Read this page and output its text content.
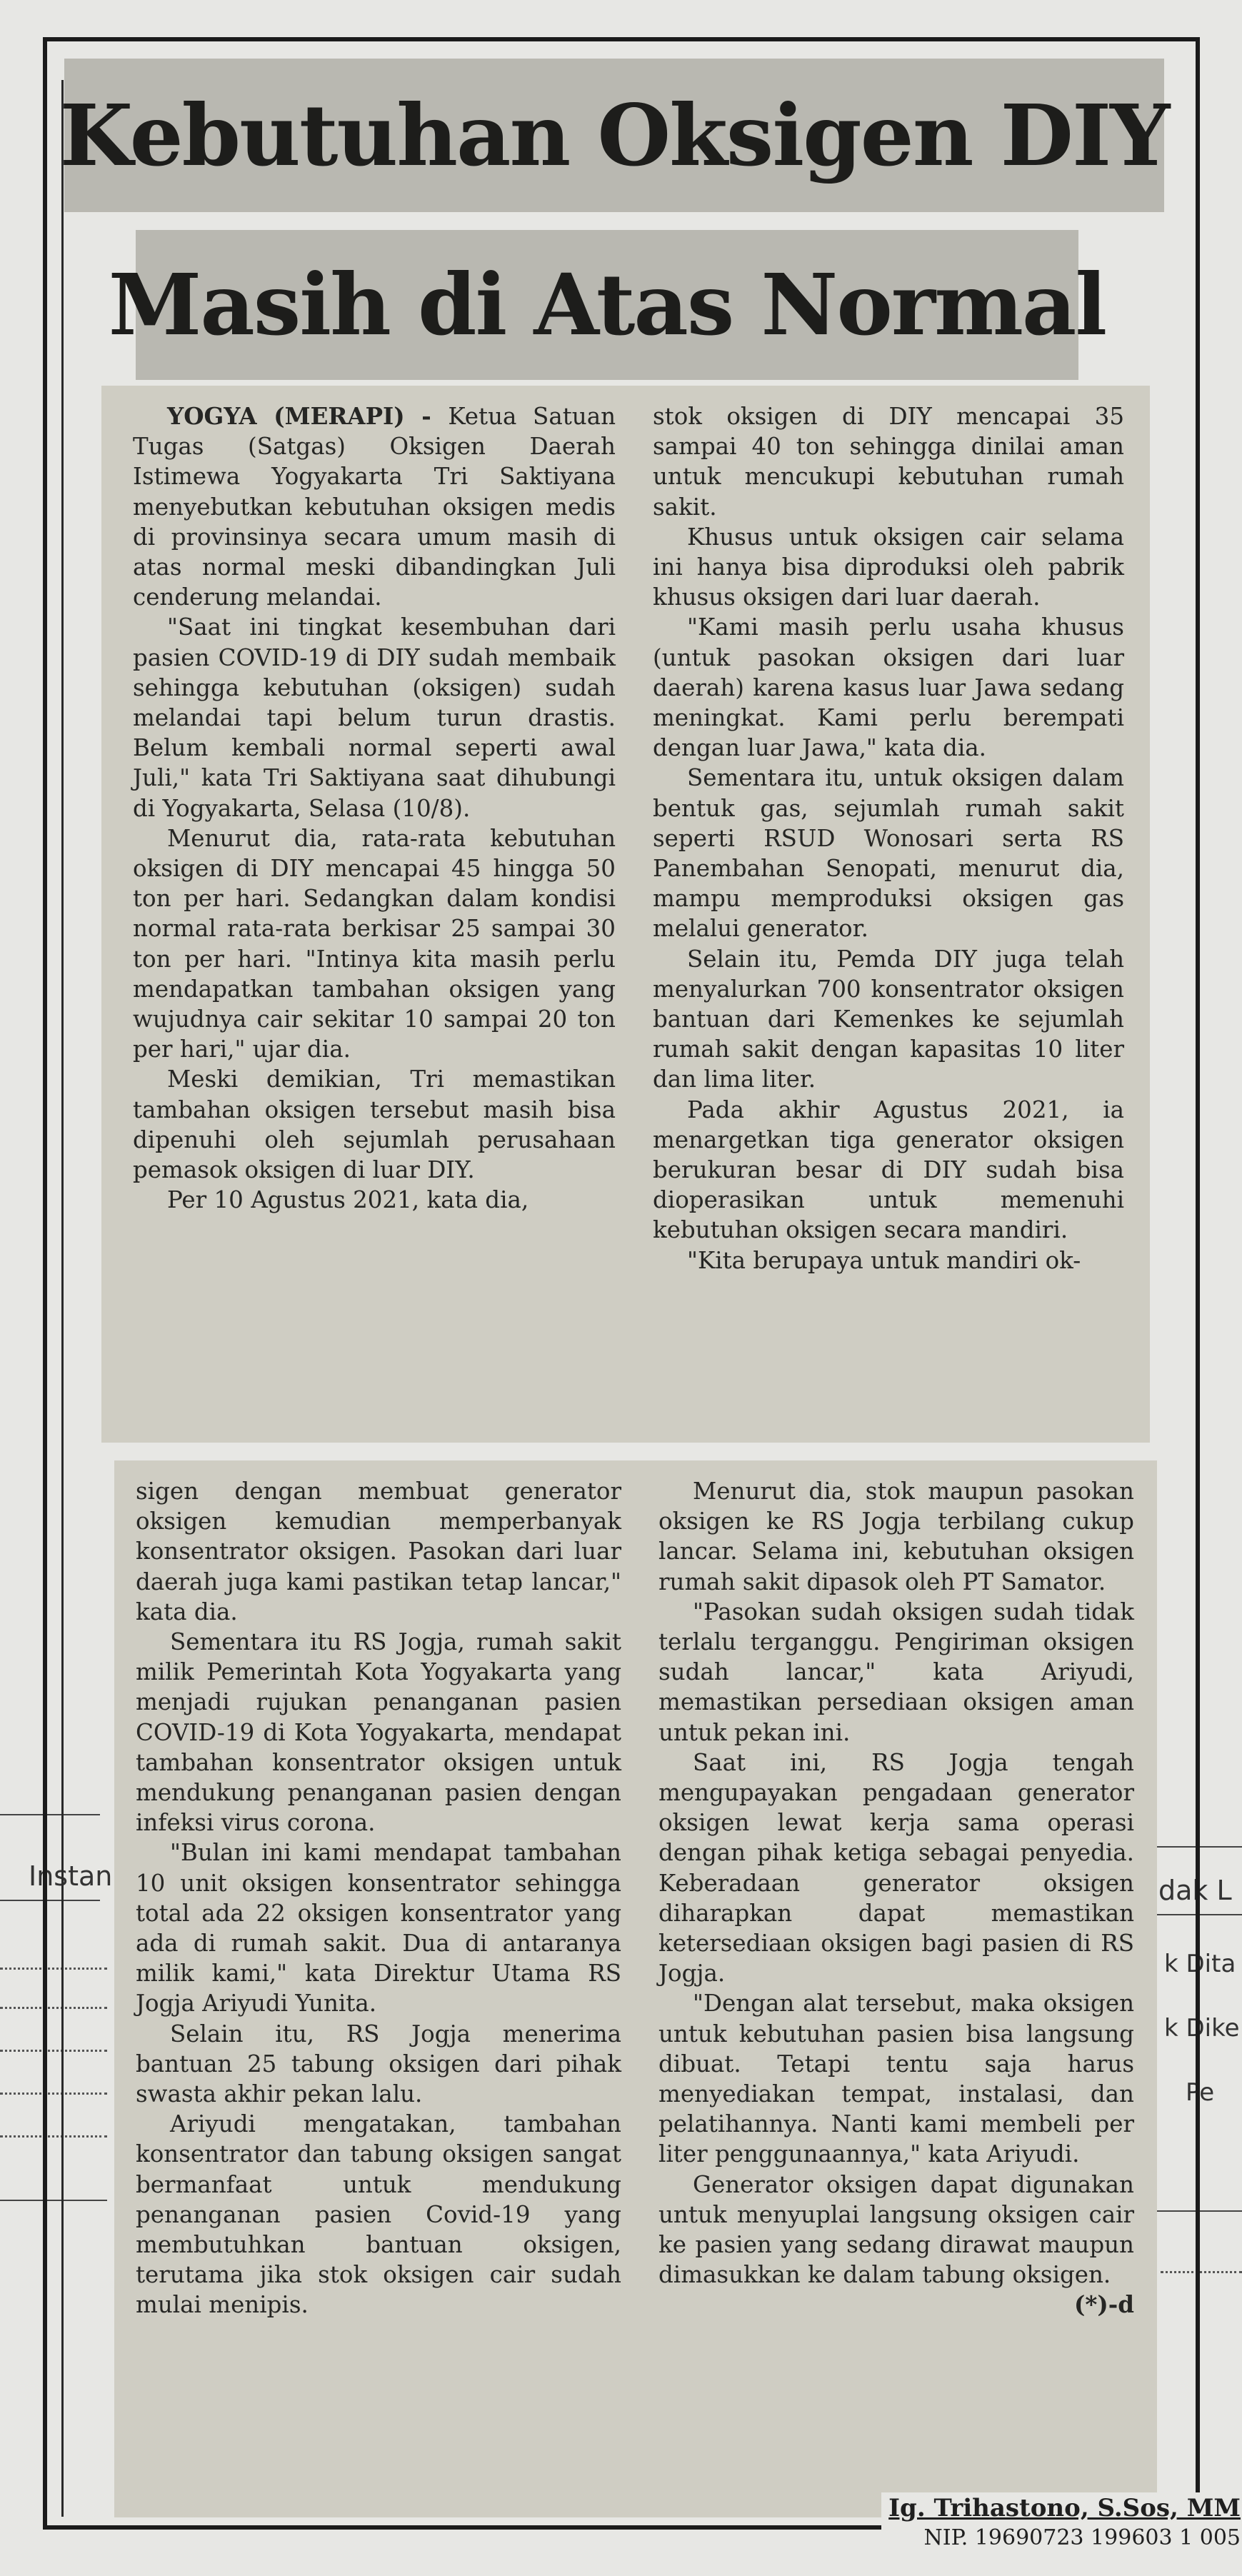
Instan	dak L
k Dita
k Dike
Pe
Kebutuhan Oksigen DIY
Masih di Atas Normal

YOGYA (MERAPI) - Ketua Satuan Tugas (Satgas) Oksigen Daerah Istimewa Yogyakarta Tri Saktiyana menyebutkan kebutuhan oksigen medis di provinsinya secara umum masih di atas normal meski dibandingkan Juli cenderung melandai.

"Saat ini tingkat kesembuhan dari pasien COVID-19 di DIY sudah membaik sehingga kebutuhan (oksigen) sudah melandai tapi belum turun drastis. Belum kembali normal seperti awal Juli," kata Tri Saktiyana saat dihubungi di Yogyakarta, Selasa (10/8).

Menurut dia, rata-rata kebutuhan oksigen di DIY mencapai 45 hingga 50 ton per hari. Sedangkan dalam kondisi normal rata-rata berkisar 25 sampai 30 ton per hari. "Intinya kita masih perlu mendapatkan tambahan oksigen yang wujudnya cair sekitar 10 sampai 20 ton per hari," ujar dia.

Meski demikian, Tri memastikan tambahan oksigen tersebut masih bisa dipenuhi oleh sejumlah perusahaan pemasok oksigen di luar DIY.

Per 10 Agustus 2021, kata dia,

stok oksigen di DIY mencapai 35 sampai 40 ton sehingga dinilai aman untuk mencukupi kebutuhan rumah sakit.

Khusus untuk oksigen cair selama ini hanya bisa diproduksi oleh pabrik khusus oksigen dari luar daerah.

"Kami masih perlu usaha khusus (untuk pasokan oksigen dari luar daerah) karena kasus luar Jawa sedang meningkat. Kami perlu berempati dengan luar Jawa," kata dia.

Sementara itu, untuk oksigen dalam bentuk gas, sejumlah rumah sakit seperti RSUD Wonosari serta RS Panembahan Senopati, menurut dia, mampu memproduksi oksigen gas melalui generator.

Selain itu, Pemda DIY juga telah menyalurkan 700 konsentrator oksigen bantuan dari Kemenkes ke sejumlah rumah sakit dengan kapasitas 10 liter dan lima liter.

Pada akhir Agustus 2021, ia menargetkan tiga generator oksigen berukuran besar di DIY sudah bisa dioperasikan untuk memenuhi kebutuhan oksigen secara mandiri.

"Kita berupaya untuk mandiri ok-

sigen dengan membuat generator oksigen kemudian memperbanyak konsentrator oksigen. Pasokan dari luar daerah juga kami pastikan tetap lancar," kata dia.

Sementara itu RS Jogja, rumah sakit milik Pemerintah Kota Yogyakarta yang menjadi rujukan penanganan pasien COVID-19 di Kota Yogyakarta, mendapat tambahan konsentrator oksigen untuk mendukung penanganan pasien dengan infeksi virus corona.

"Bulan ini kami mendapat tambahan 10 unit oksigen konsentrator sehingga total ada 22 oksigen konsentrator yang ada di rumah sakit. Dua di antaranya milik kami," kata Direktur Utama RS Jogja Ariyudi Yunita.

Selain itu, RS Jogja menerima bantuan 25 tabung oksigen dari pihak swasta akhir pekan lalu.

Ariyudi mengatakan, tambahan konsentrator dan tabung oksigen sangat bermanfaat untuk mendukung penanganan pasien Covid-19 yang membutuhkan bantuan oksigen, terutama jika stok oksigen cair sudah mulai menipis.

Menurut dia, stok maupun pasokan oksigen ke RS Jogja terbilang cukup lancar. Selama ini, kebutuhan oksigen rumah sakit dipasok oleh PT Samator.

"Pasokan sudah oksigen sudah tidak terlalu terganggu. Pengiriman oksigen sudah lancar," kata Ariyudi, memastikan persediaan oksigen aman untuk pekan ini.

Saat ini, RS Jogja tengah mengupayakan pengadaan generator oksigen lewat kerja sama operasi dengan pihak ketiga sebagai penyedia. Keberadaan generator oksigen diharapkan dapat memastikan ketersediaan oksigen bagi pasien di RS Jogja.

"Dengan alat tersebut, maka oksigen untuk kebutuhan pasien bisa langsung dibuat. Tetapi tentu saja harus menyediakan tempat, instalasi, dan pelatihannya. Nanti kami membeli per liter penggunaannya," kata Ariyudi.

Generator oksigen dapat digunakan untuk menyuplai langsung oksigen cair ke pasien yang sedang dirawat maupun dimasukkan ke dalam tabung oksigen.
(*)-d

Ig. Trihastono, S.Sos, MM
NIP. 19690723 199603 1 005
